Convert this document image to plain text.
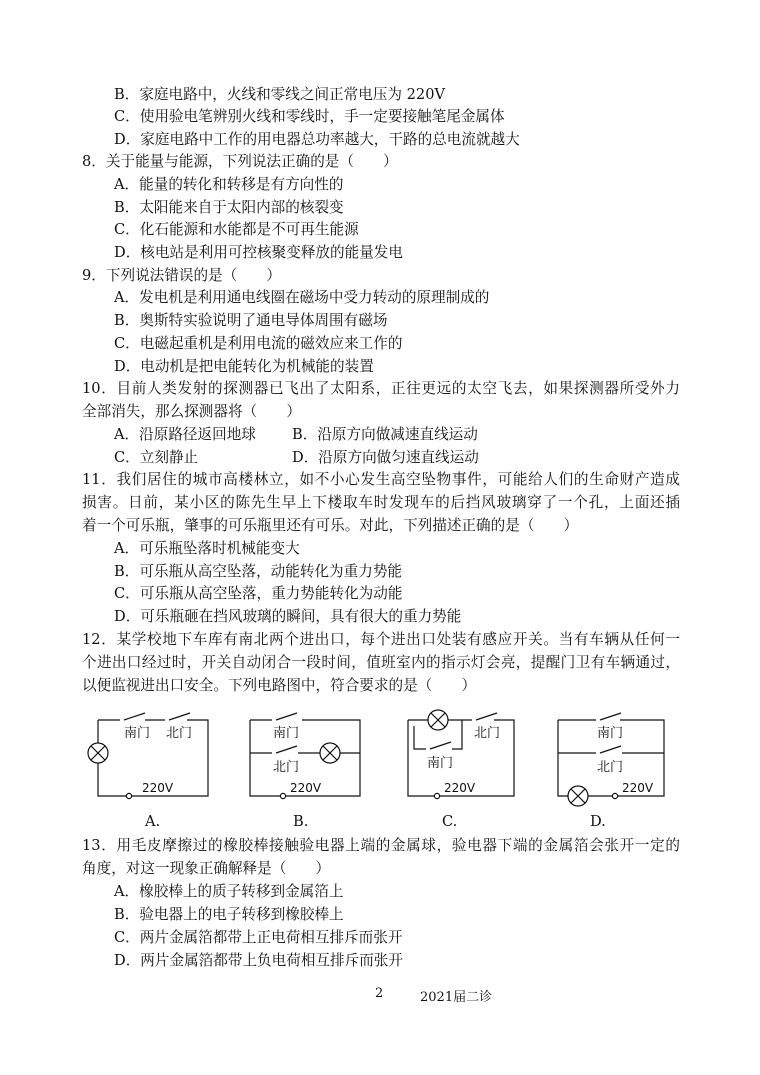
B．家庭电路中，火线和零线之间正常电压为 220V
C．使用验电笔辨别火线和零线时，手一定要接触笔尾金属体
D．家庭电路中工作的用电器总功率越大，干路的总电流就越大
8．关于能量与能源，下列说法正确的是（　　）
A．能量的转化和转移是有方向性的
B．太阳能来自于太阳内部的核裂变
C．化石能源和水能都是不可再生能源
D．核电站是利用可控核聚变释放的能量发电
9．下列说法错误的是（　　）
A．发电机是利用通电线圈在磁场中受力转动的原理制成的
B．奥斯特实验说明了通电导体周围有磁场
C．电磁起重机是利用电流的磁效应来工作的
D．电动机是把电能转化为机械能的装置
10．目前人类发射的探测器已飞出了太阳系，正往更远的太空飞去，如果探测器所受外力
全部消失，那么探测器将（　　）
A．沿原路径返回地球 B．沿原方向做减速直线运动
C．立刻静止	D．沿原方向做匀速直线运动
11．我们居住的城市高楼林立，如不小心发生高空坠物事件，可能给人们的生命财产造成
损害。日前，某小区的陈先生早上下楼取车时发现车的后挡风玻璃穿了一个孔，上面还插
着一个可乐瓶，肇事的可乐瓶里还有可乐。对此，下列描述正确的是（　　）
A．可乐瓶坠落时机械能变大
B．可乐瓶从高空坠落，动能转化为重力势能
C．可乐瓶从高空坠落，重力势能转化为动能
D．可乐瓶砸在挡风玻璃的瞬间，具有很大的重力势能
12．某学校地下车库有南北两个进出口，每个进出口处装有感应开关。当有车辆从任何一
个进出口经过时，开关自动闭合一段时间，值班室内的指示灯会亮，提醒门卫有车辆通过，
以便监视进出口安全。下列电路图中，符合要求的是（　　）
南门 北门
220V
南门
北门
220V
北门
南门
220V
南门
北门
220V
A.	B.	C.	D.
13．用毛皮摩擦过的橡胶棒接触验电器上端的金属球，验电器下端的金属箔会张开一定的
角度，对这一现象正确解释是（　　）
A．橡胶棒上的质子转移到金属箔上
B．验电器上的电子转移到橡胶棒上
C．两片金属箔都带上正电荷相互排斥而张开
D．两片金属箔都带上负电荷相互排斥而张开
2	2021届二诊
